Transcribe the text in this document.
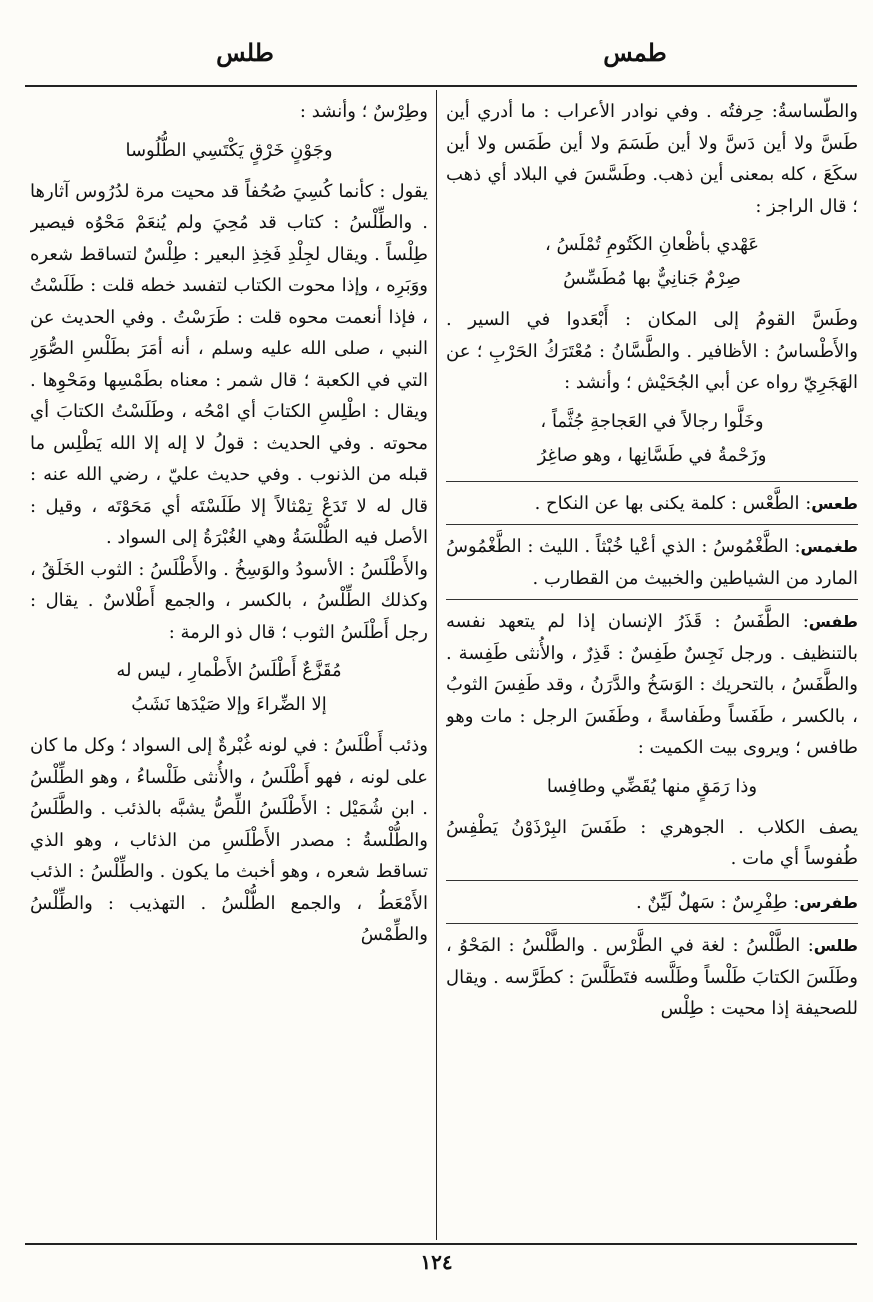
طلس	طمس

والطّساسةُ: حِرفتُه . وفي نوادر الأعراب : ما أدري أين طَسَّ ولا أين دَسَّ ولا أين طَسَمَ ولا أين طَمَس ولا أين سكَعَ ، كله بمعنى أين ذهب. وطَسَّسَ في البلاد أي ذهب ؛ قال الراجز :

عَهْدي بأظْعانِ الكَتُومِ تُمْلَسُ ،
صِرْمٌ جَنانِيٌّ بها مُطَسِّسُ

وطَسَّ القومُ إلى المكان : أَبْعَدوا في السير . والأَطْساسُ : الأظافير . والطَّسَّانُ : مُعْتَرَكُ الحَرْبِ ؛ عن الهَجَرِيّ رواه عن أبي الجُحَيْش ؛ وأنشد :

وخَلَّوا رجالاً في العَجاجةِ جُثَّماً ،
وزَحْمةُ في طَسَّانِها ، وهو صاغِرُ

طعس: الطَّعْس : كلمة يكنى بها عن النكاح .

طغمس: الطَّغْمُوسُ : الذي أعْيا خُبْثاً . الليث : الطَّغْمُوسُ المارد من الشياطين والخبيث من القطارب .

طفس: الطَّفَسُ : قَذَرُ الإنسان إذا لم يتعهد نفسه بالتنظيف . ورجل نَجِسٌ طَفِسٌ : قَذِرٌ ، والأُنثى طَفِسة . والطَّفَسُ ، بالتحريك : الوَسَخُ والدَّرَنُ ، وقد طَفِسَ الثوبُ ، بالكسر ، طَفَساً وطَفاسةً ، وطَفَسَ الرجل : مات وهو طافس ؛ ويروى بيت الكميت :

وذا رَمَقٍ منها يُقَضِّي وطافِسا

يصف الكلاب . الجوهري : طَفَسَ البِرْذَوْنُ يَطْفِسُ طُفوساً أي مات .

طفرس: طِفْرِسٌ : سَهلٌ لَيِّنٌ .

طلس: الطَّلْسُ : لغة في الطَّرْس . والطَّلْسُ : المَحْوُ ، وطَلَسَ الكتابَ طَلْساً وطَلَّسه فتَطَلَّسَ : كطَرَّسه . ويقال للصحيفة إذا محيت : طِلْس

وطِرْسٌ ؛ وأنشد :

وجَوْنٍ خَرْقٍ يَكْتَسِي الطُّلُوسا

يقول : كأنما كُسِيَ صُحُفاً قد محيت مرة لدُرُوس آثارها . والطِّلْسُ : كتاب قد مُحِيَ ولم يُنعَمْ مَحْوُه فيصير طِلْساً . ويقال لجِلْدِ فَخِذِ البعير : طِلْسٌ لتساقط شعره ووَبَرِه ، وإذا محوت الكتاب لتفسد خطه قلت : طَلَسْتُ ، فإذا أنعمت محوه قلت : طَرَسْتُ . وفي الحديث عن النبي ، صلى الله عليه وسلم ، أنه أمَرَ بطَلْسِ الصُّوَرِ التي في الكعبة ؛ قال شمر : معناه بطَمْسِها ومَحْوِها . ويقال : اطْلِسِ الكتابَ أي امْحُه ، وطَلَسْتُ الكتابَ أي محوته . وفي الحديث : قولُ لا إله إلا الله يَطْلِس ما قبله من الذنوب . وفي حديث عليّ ، رضي الله عنه : قال له لا تَدَعْ تِمْثالاً إلا طَلَسْتَه أي مَحَوْتَه ، وقيل : الأصل فيه الطُّلْسَةُ وهي الغُبْرَةُ إلى السواد .

والأَطْلَسُ : الأسودُ والوَسِخُ . والأَطْلَسُ : الثوب الخَلَقُ ، وكذلك الطِّلْسُ ، بالكسر ، والجمع أَطْلاسٌ . يقال : رجل أَطْلَسُ الثوب ؛ قال ذو الرمة :

مُقَزَّعٌ أَطْلَسُ الأَطْمارِ ، ليس له
إلا الضِّراءَ وإلا صَيْدَها نَشَبُ

وذئب أَطْلَسُ : في لونه غُبْرةٌ إلى السواد ؛ وكل ما كان على لونه ، فهو أَطْلَسُ ، والأُنثى طَلْساءُ ، وهو الطِّلْسُ . ابن شُمَيْل : الأَطْلَسُ اللِّصُّ يشبَّه بالذئب . والطَّلَسُ والطُّلْسةُ : مصدر الأَطْلَسِ من الذئاب ، وهو الذي تساقط شعره ، وهو أخبث ما يكون . والطِّلْسُ : الذئب الأَمْعَطُ ، والجمع الطُّلْسُ . التهذيب : والطِّلْسُ والطِّمْسُ

١٢٤
